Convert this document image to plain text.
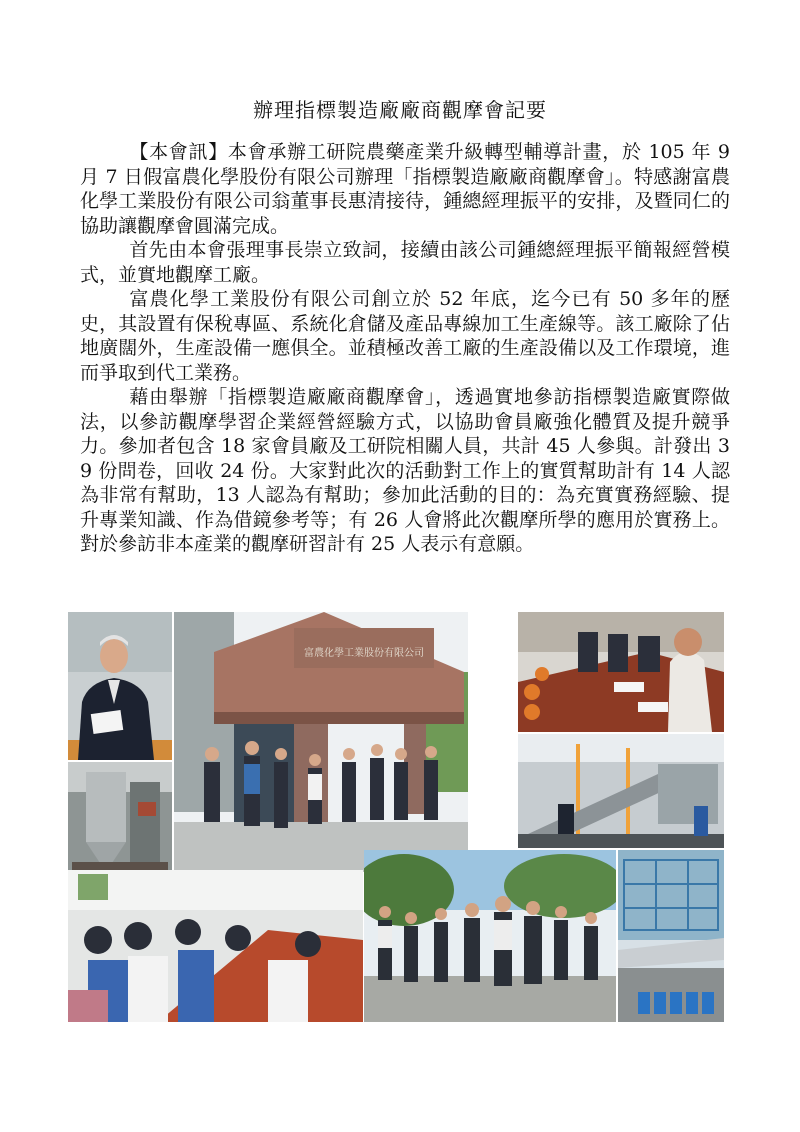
辦理指標製造廠廠商觀摩會記要

【本會訊】本會承辦工研院農藥產業升級轉型輔導計畫，於 105 年 9 月 7 日假富農化學股份有限公司辦理「指標製造廠廠商觀摩會」。特感謝富農化學工業股份有限公司翁董事長惠清接待，鍾總經理振平的安排，及暨同仁的協助讓觀摩會圓滿完成。

首先由本會張理事長崇立致詞，接續由該公司鍾總經理振平簡報經營模式，並實地觀摩工廠。

富農化學工業股份有限公司創立於 52 年底，迄今已有 50 多年的歷史，其設置有保稅專區、系統化倉儲及產品專線加工生產線等。該工廠除了佔地廣闊外，生產設備一應俱全。並積極改善工廠的生產設備以及工作環境，進而爭取到代工業務。

藉由舉辦「指標製造廠廠商觀摩會」，透過實地參訪指標製造廠實際做法，以參訪觀摩學習企業經營經驗方式，以協助會員廠強化體質及提升競爭力。參加者包含 18 家會員廠及工研院相關人員，共計 45 人參與。計發出 39 份問卷，回收 24 份。大家對此次的活動對工作上的實質幫助計有 14 人認為非常有幫助，13 人認為有幫助；參加此活動的目的：為充實實務經驗、提升專業知識、作為借鏡參考等；有 26 人會將此次觀摩所學的應用於實務上。對於參訪非本產業的觀摩研習計有 25 人表示有意願。

富農化學工業股份有限公司
